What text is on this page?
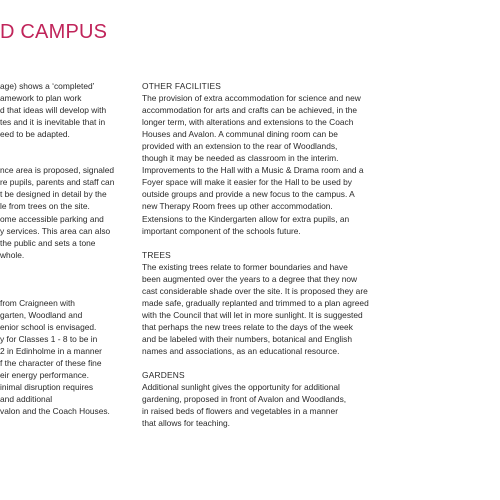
D CAMPUS
age) shows a ‘completed’
amework to plan work
d that ideas will develop with
tes and it is inevitable that in
eed to be adapted.
nce area is proposed, signaled
re pupils, parents and staff can
t be designed in detail by the
le from trees on the site.
ome accessible parking and
y services. This area can also
the public and sets a tone
whole.
from Craigneen with
garten, Woodland and
enior school is envisaged.
y for Classes 1 - 8 to be in
2 in Edinholme in a manner
f the character of these fine
eir energy performance.
inimal disruption requires
and additional
valon and the Coach Houses.
OTHER FACILITIES
The provision of extra accommodation for science and new
accommodation for arts and crafts can be achieved, in the
longer term, with alterations and extensions to the Coach
Houses and Avalon. A communal dining room can be
provided with an extension to the rear of Woodlands,
though it may be needed as classroom in the interim.
Improvements to the Hall with a Music & Drama room and a
Foyer space will make it easier for the Hall to be used by
outside groups and provide a new focus to the campus. A
new Therapy Room frees up other accommodation.
Extensions to the Kindergarten allow for extra pupils, an
important component of the schools future.
TREES
The existing trees relate to former boundaries and have
been augmented over the years to a degree that they now
cast considerable shade over the site. It is proposed they are
made safe, gradually replanted and trimmed to a plan agreed
with the Council that will let in more sunlight. It is suggested
that perhaps the new trees relate to the days of the week
and be labeled with their numbers, botanical and English
names and associations, as an educational resource.
GARDENS
Additional sunlight gives the opportunity for additional
gardening, proposed in front of Avalon and Woodlands,
in raised beds of flowers and vegetables in a manner
that allows for teaching.
